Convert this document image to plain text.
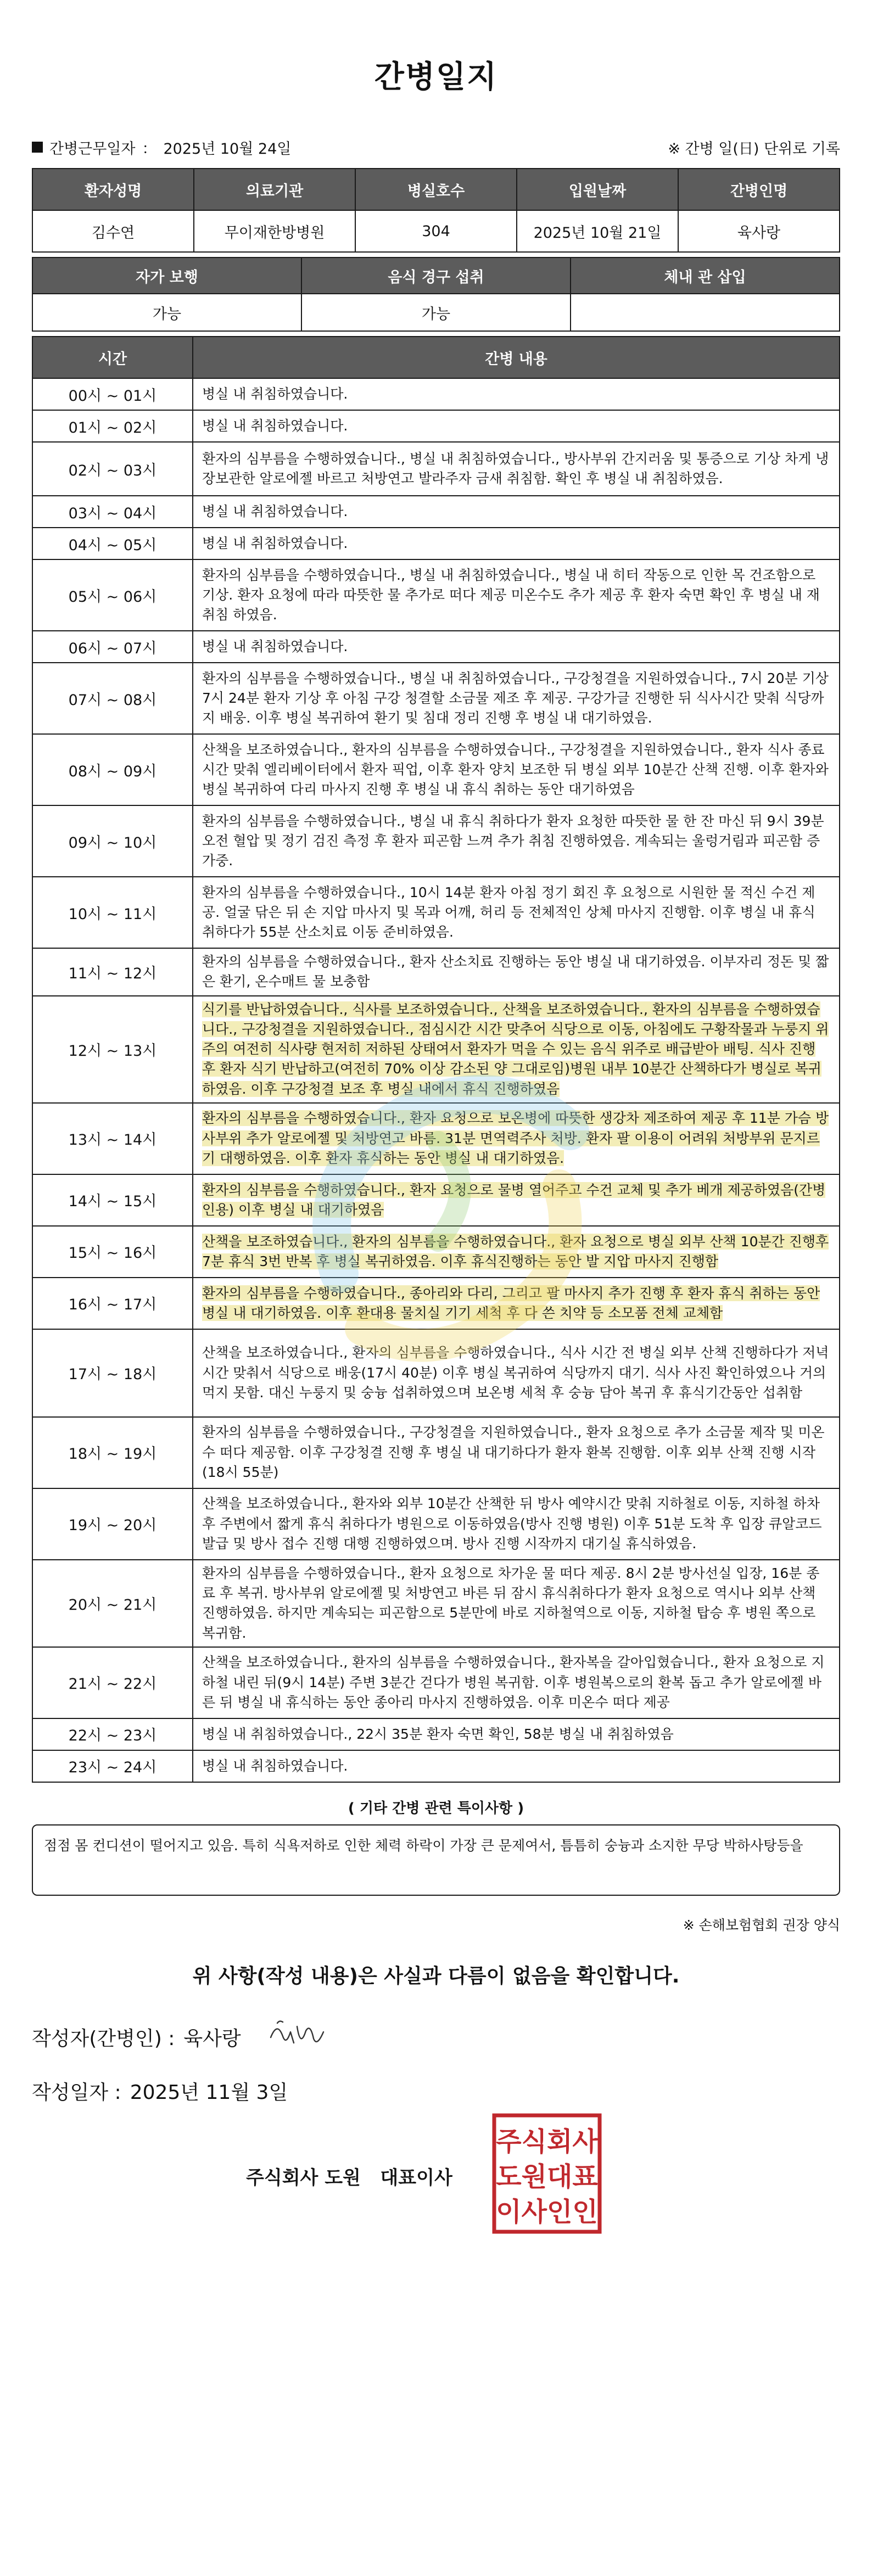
간병일지
간병근무일자 ： 2025년 10월 24일	※ 간병 일(日) 단위로 기록
환자성명	의료기관	병실호수	입원날짜	간병인명
김수연	무이재한방병원	304	2025년 10월 21일	육사랑
자가 보행	음식 경구 섭취	체내 관 삽입
가능	가능	
시간	간병 내용
00시 ~ 01시	병실 내 취침하였습니다.
01시 ~ 02시	병실 내 취침하였습니다.
02시 ~ 03시	환자의 심부름을 수행하였습니다., 병실 내 취침하였습니다., 방사부위 간지러움 및 통증으로 기상 차게 냉장보관한 알로에젤 바르고 처방연고 발라주자 금새 취침함. 확인 후 병실 내 취침하였음.
03시 ~ 04시	병실 내 취침하였습니다.
04시 ~ 05시	병실 내 취침하였습니다.
05시 ~ 06시	환자의 심부름을 수행하였습니다., 병실 내 취침하였습니다., 병실 내 히터 작동으로 인한 목 건조함으로 기상. 환자 요청에 따라 따뜻한 물 추가로 떠다 제공 미온수도 추가 제공 후 환자 숙면 확인 후 병실 내 재취침 하였음.
06시 ~ 07시	병실 내 취침하였습니다.
07시 ~ 08시	환자의 심부름을 수행하였습니다., 병실 내 취침하였습니다., 구강청결을 지원하였습니다., 7시 20분 기상 7시 24분 환자 기상 후 아침 구강 청결할 소금물 제조 후 제공. 구강가글 진행한 뒤 식사시간 맞춰 식당까지 배웅. 이후 병실 복귀하여 환기 및 침대 정리 진행 후 병실 내 대기하였음.
08시 ~ 09시	산책을 보조하였습니다., 환자의 심부름을 수행하였습니다., 구강청결을 지원하였습니다., 환자 식사 종료 시간 맞춰 엘리베이터에서 환자 픽업, 이후 환자 양치 보조한 뒤 병실 외부 10분간 산책 진행. 이후 환자와 병실 복귀하여 다리 마사지 진행 후 병실 내 휴식 취하는 동안 대기하였음
09시 ~ 10시	환자의 심부름을 수행하였습니다., 병실 내 휴식 취하다가 환자 요청한 따뜻한 물 한 잔 마신 뒤 9시 39분 오전 혈압 및 정기 검진 측정 후 환자 피곤함 느껴 추가 취침 진행하였음. 계속되는 울렁거림과 피곤함 증가중.
10시 ~ 11시	환자의 심부름을 수행하였습니다., 10시 14분 환자 아침 정기 회진 후 요청으로 시원한 물 적신 수건 제공. 얼굴 닦은 뒤 손 지압 마사지 및 목과 어깨, 허리 등 전체적인 상체 마사지 진행함. 이후 병실 내 휴식 취하다가 55분 산소치료 이동 준비하였음.
11시 ~ 12시	환자의 심부름을 수행하였습니다., 환자 산소치료 진행하는 동안 병실 내 대기하였음. 이부자리 정돈 및 짧은 환기, 온수매트 물 보충함
12시 ~ 13시	식기를 반납하였습니다., 식사를 보조하였습니다., 산책을 보조하였습니다., 환자의 심부름을 수행하였습니다., 구강청결을 지원하였습니다., 점심시간 시간 맞추어 식당으로 이동, 아침에도 구황작물과 누룽지 위주의 여전히 식사량 현저히 저하된 상태여서 환자가 먹을 수 있는 음식 위주로 배급받아 배팅. 식사 진행 후 환자 식기 반납하고(여전히 70% 이상 감소된 양 그대로임)병원 내부 10분간 산책하다가 병실로 복귀하였음. 이후 구강청결 보조 후 병실 내에서 휴식 진행하였음
13시 ~ 14시	환자의 심부름을 수행하였습니다., 환자 요청으로 보온병에 따뜻한 생강차 제조하여 제공 후 11분 가슴 방사부위 추가 알로에젤 및 처방연고 바름. 31분 면역력주사 처방. 환자 팔 이용이 어려워 처방부위 문지르기 대행하였음. 이후 환자 휴식하는 동안 병실 내 대기하였음.
14시 ~ 15시	환자의 심부름을 수행하였습니다., 환자 요청으로 물병 열어주고 수건 교체 및 추가 베개 제공하였음(간병인용) 이후 병실 내 대기하였음
15시 ~ 16시	산책을 보조하였습니다., 환자의 심부름을 수행하였습니다., 환자 요청으로 병실 외부 산책 10분간 진행후 7분 휴식 3번 반복 후 병실 복귀하였음. 이후 휴식진행하는 동안 발 지압 마사지 진행함
16시 ~ 17시	환자의 심부름을 수행하였습니다., 종아리와 다리, 그리고 팔 마사지 추가 진행 후 환자 휴식 취하는 동안 병실 내 대기하였음. 이후 환대용 물치실 기기 세척 후 다 쓴 치약 등 소모품 전체 교체함
17시 ~ 18시	산책을 보조하였습니다., 환자의 심부름을 수행하였습니다., 식사 시간 전 병실 외부 산책 진행하다가 저녁 시간 맞춰서 식당으로 배웅(17시 40분) 이후 병실 복귀하여 식당까지 대기. 식사 사진 확인하였으나 거의 먹지 못함. 대신 누룽지 및 숭늉 섭취하였으며 보온병 세척 후 숭늉 담아 복귀 후 휴식기간동안 섭취함
18시 ~ 19시	환자의 심부름을 수행하였습니다., 구강청결을 지원하였습니다., 환자 요청으로 추가 소금물 제작 및 미온수 떠다 제공함. 이후 구강청결 진행 후 병실 내 대기하다가 환자 환복 진행함. 이후 외부 산책 진행 시작(18시 55분)
19시 ~ 20시	산책을 보조하였습니다., 환자와 외부 10분간 산책한 뒤 방사 예약시간 맞춰 지하철로 이동, 지하철 하차 후 주변에서 짧게 휴식 취하다가 병원으로 이동하였음(방사 진행 병원) 이후 51분 도착 후 입장 큐알코드 발급 및 방사 접수 진행 대행 진행하였으며. 방사 진행 시작까지 대기실 휴식하였음.
20시 ~ 21시	환자의 심부름을 수행하였습니다., 환자 요청으로 차가운 물 떠다 제공. 8시 2분 방사선실 입장, 16분 종료 후 복귀. 방사부위 알로에젤 및 처방연고 바른 뒤 잠시 휴식취하다가 환자 요청으로 역시나 외부 산책 진행하였음. 하지만 계속되는 피곤함으로 5분만에 바로 지하철역으로 이동, 지하철 탑승 후 병원 쪽으로 복귀함.
21시 ~ 22시	산책을 보조하였습니다., 환자의 심부름을 수행하였습니다., 환자복을 갈아입혔습니다., 환자 요청으로 지하철 내린 뒤(9시 14분) 주변 3분간 걷다가 병원 복귀함. 이후 병원복으로의 환복 돕고 추가 알로에젤 바른 뒤 병실 내 휴식하는 동안 종아리 마사지 진행하였음. 이후 미온수 떠다 제공
22시 ~ 23시	병실 내 취침하였습니다., 22시 35분 환자 숙면 확인, 58분 병실 내 취침하였음
23시 ~ 24시	병실 내 취침하였습니다.
( 기타 간병 관련 특이사항 )
점점 몸 컨디션이 떨어지고 있음. 특히 식욕저하로 인한 체력 하락이 가장 큰 문제여서, 틈틈히 숭늉과 소지한 무당 박하사탕등을
※ 손해보험협회 권장 양식
위 사항(작성 내용)은 사실과 다름이 없음을 확인합니다.
작성자(간병인) : 육사랑
작성일자 : 2025년 11월 3일
주식회사 도원   대표이사
주식회사
도원대표
이사인인
